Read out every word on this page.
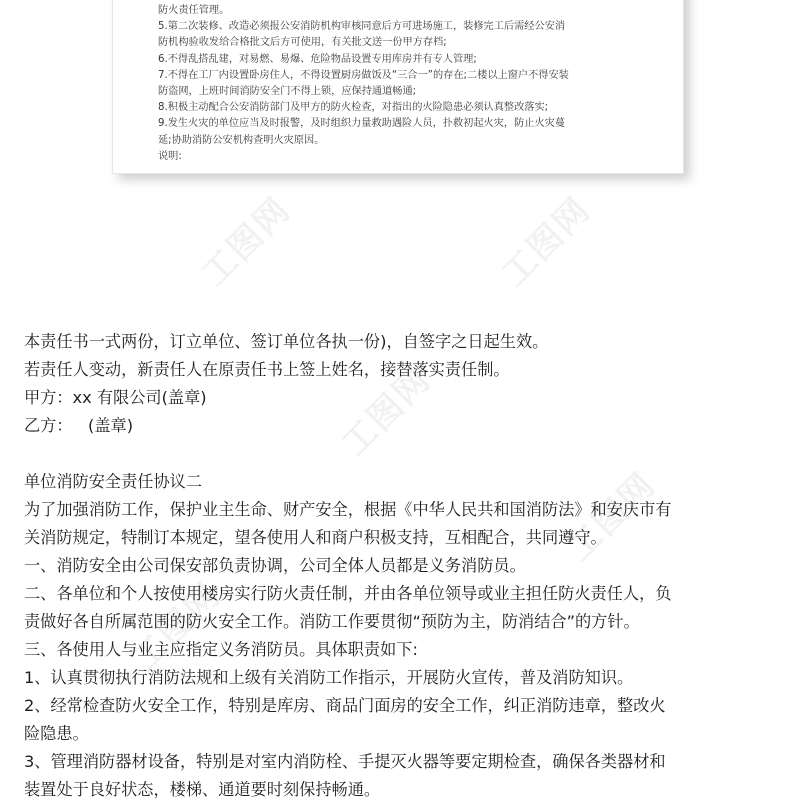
防火责任管理。
5.第二次装修、改造必须报公安消防机构审核同意后方可进场施工，装修完工后需经公安消
防机构验收发给合格批文后方可使用，有关批文送一份甲方存档;
6.不得乱搭乱建，对易燃、易爆、危险物品设置专用库房并有专人管理;
7.不得在工厂内设置卧房住人，不得设置厨房做饭及“三合一”的存在;二楼以上窗户不得安装
防盗网，上班时间消防安全门不得上锁，应保持通道畅通;
8.积极主动配合公安消防部门及甲方的防火检查，对指出的火险隐患必须认真整改落实;
9.发生火灾的单位应当及时报警，及时组织力量救助遇险人员，扑救初起火灾，防止火灾蔓
延;协助消防公安机构查明火灾原因。
说明:
工图网	工图网
工图网
工图网
工图网
本责任书一式两份，订立单位、签订单位各执一份)，自签字之日起生效。
若责任人变动，新责任人在原责任书上签上姓名，接替落实责任制。
甲方：xx 有限公司(盖章)
乙方：   (盖章)
单位消防安全责任协议二
为了加强消防工作，保护业主生命、财产安全，根据《中华人民共和国消防法》和安庆市有
关消防规定，特制订本规定，望各使用人和商户积极支持，互相配合，共同遵守。
一、消防安全由公司保安部负责协调，公司全体人员都是义务消防员。
二、各单位和个人按使用楼房实行防火责任制，并由各单位领导或业主担任防火责任人，负
责做好各自所属范围的防火安全工作。消防工作要贯彻“预防为主，防消结合”的方针。
三、各使用人与业主应指定义务消防员。具体职责如下:
1、认真贯彻执行消防法规和上级有关消防工作指示，开展防火宣传，普及消防知识。
2、经常检查防火安全工作，特别是库房、商品门面房的安全工作，纠正消防违章，整改火
险隐患。
3、管理消防器材设备，特别是对室内消防栓、手提灭火器等要定期检查，确保各类器材和
装置处于良好状态，楼梯、通道要时刻保持畅通。
